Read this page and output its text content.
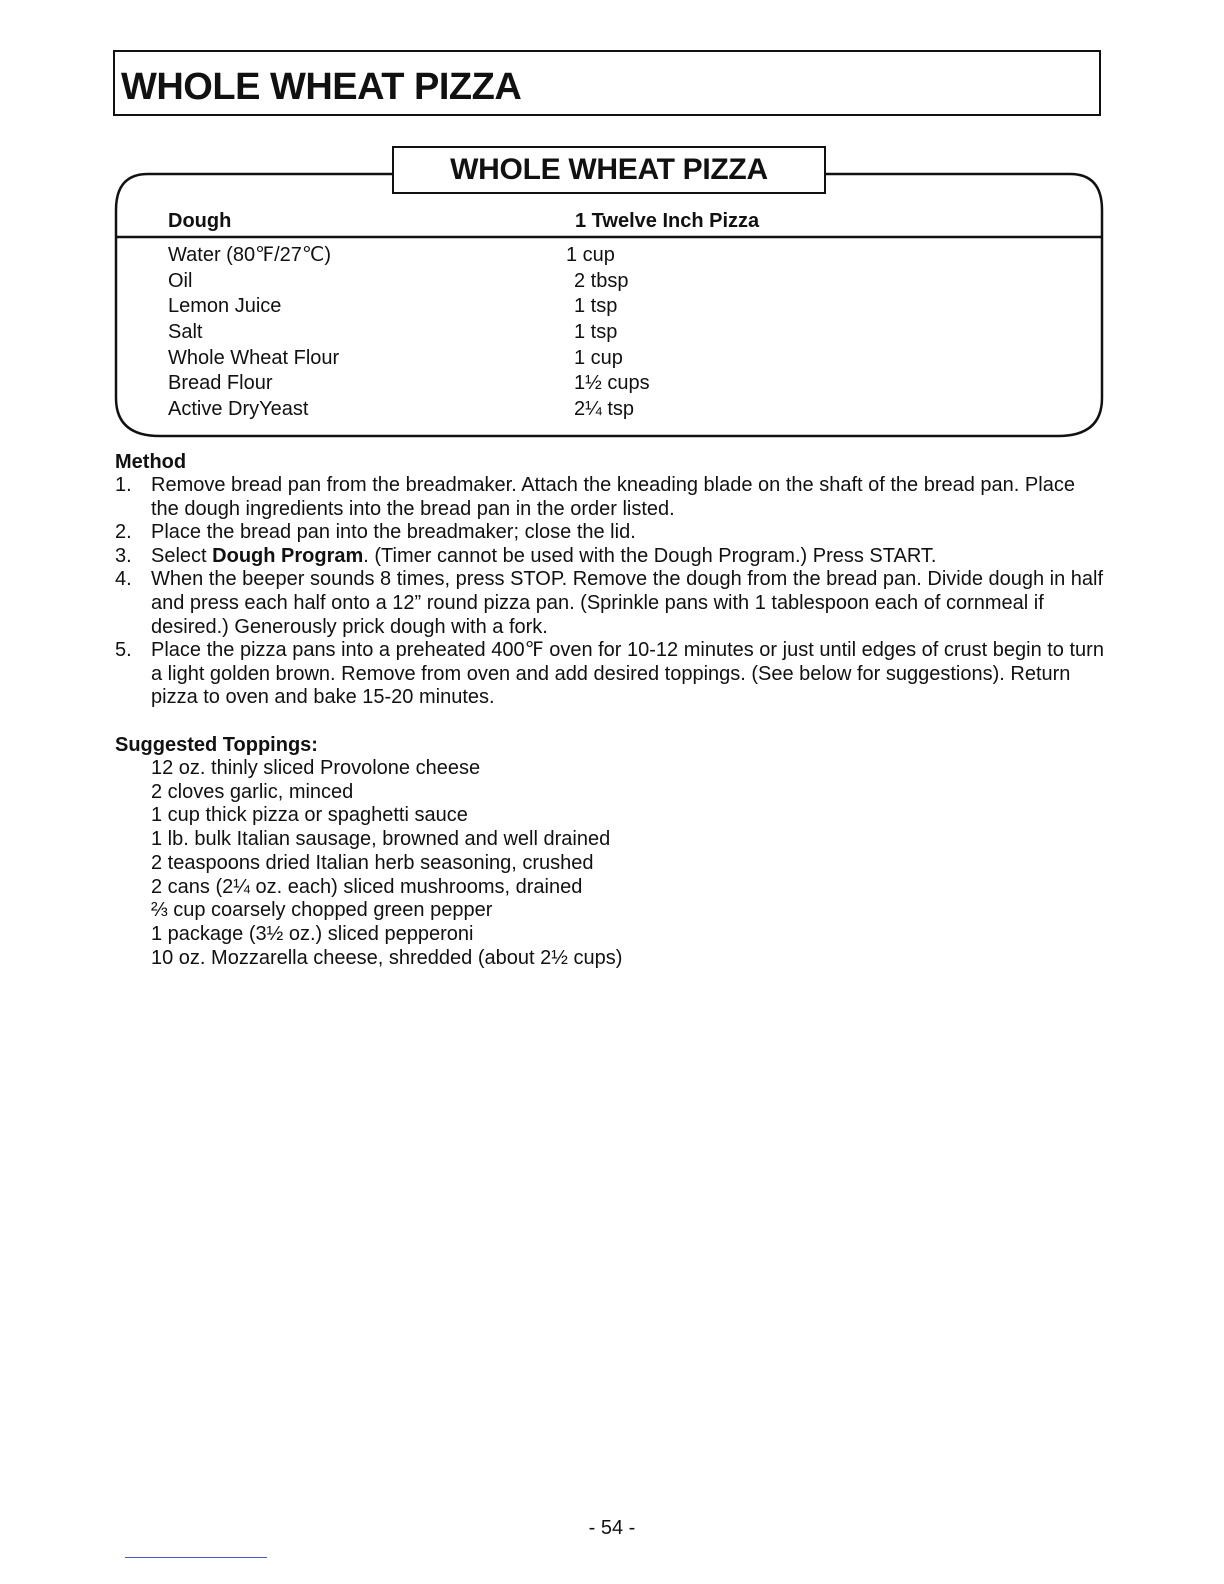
WHOLE WHEAT PIZZA
WHOLE WHEAT PIZZA
Dough	1 Twelve Inch Pizza
Water (80℉/27℃)
Oil
Lemon Juice
Salt
Whole Wheat Flour
Bread Flour
Active DryYeast
1 cup
2 tbsp
1 tsp
1 tsp
1 cup
1½ cups
2¼ tsp
Method
1. Remove bread pan from the breadmaker. Attach the kneading blade on the shaft of the bread pan. Place the dough ingredients into the bread pan in the order listed.
2. Place the bread pan into the breadmaker; close the lid.
3. Select Dough Program. (Timer cannot be used with the Dough Program.) Press START.
4. When the beeper sounds 8 times, press STOP. Remove the dough from the bread pan. Divide dough in half and press each half onto a 12” round pizza pan. (Sprinkle pans with 1 tablespoon each of cornmeal if desired.) Generously prick dough with a fork.
5. Place the pizza pans into a preheated 400℉ oven for 10-12 minutes or just until edges of crust begin to turn a light golden brown. Remove from oven and add desired toppings. (See below for suggestions). Return pizza to oven and bake 15-20 minutes.
Suggested Toppings:
12 oz. thinly sliced Provolone cheese
2 cloves garlic, minced
1 cup thick pizza or spaghetti sauce
1 lb. bulk Italian sausage, browned and well drained
2 teaspoons dried Italian herb seasoning, crushed
2 cans (2¼ oz. each) sliced mushrooms, drained
⅔ cup coarsely chopped green pepper
1 package (3½ oz.) sliced pepperoni
10 oz. Mozzarella cheese, shredded (about 2½ cups)
- 54 -
